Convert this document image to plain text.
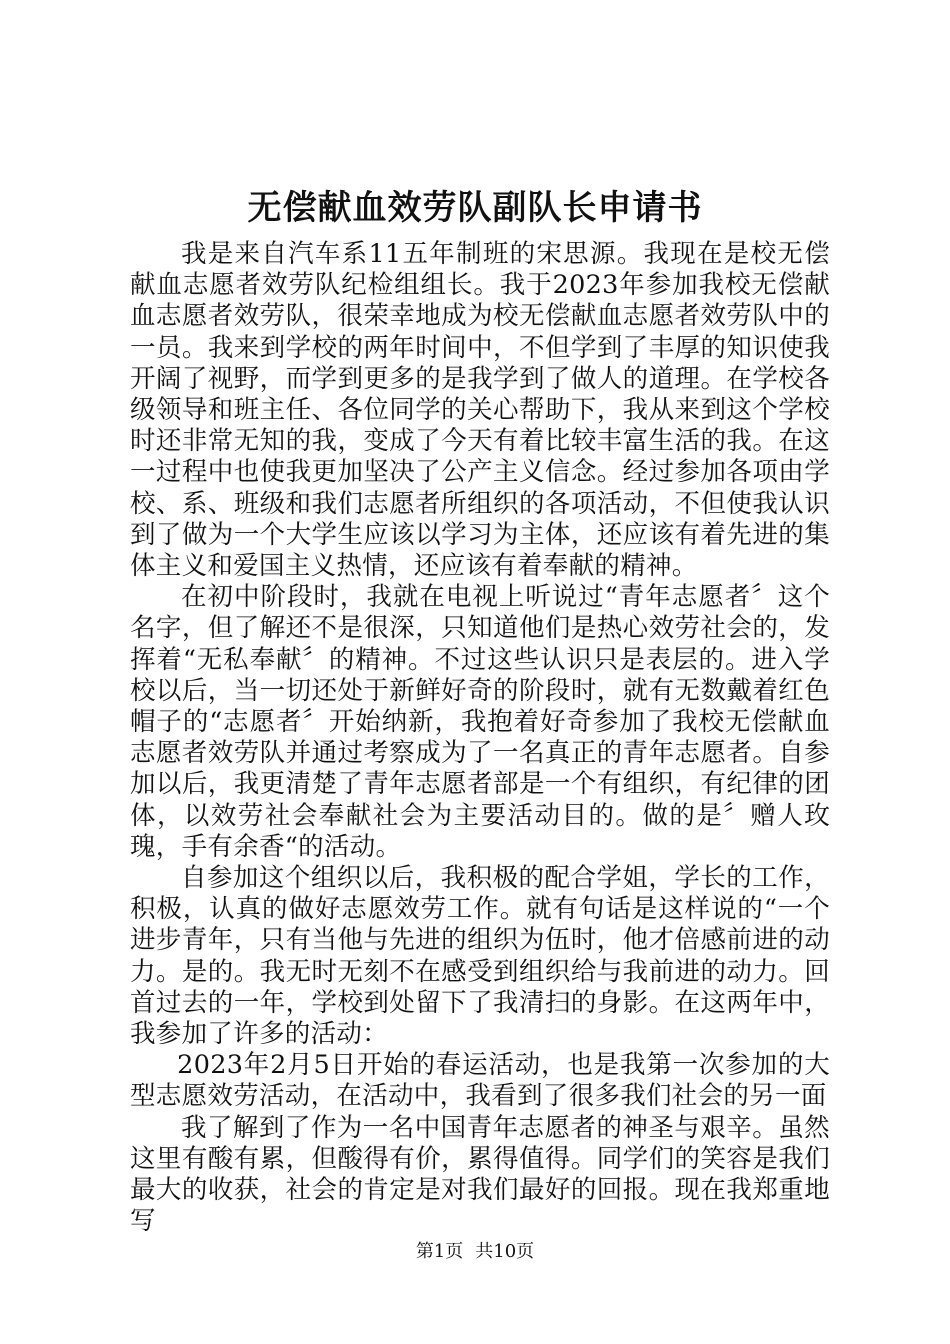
无偿献血效劳队副队长申请书

我是来自汽车系11五年制班的宋思源。我现在是校无偿献血志愿者效劳队纪检组组长。我于2023年参加我校无偿献血志愿者效劳队，很荣幸地成为校无偿献血志愿者效劳队中的一员。我来到学校的两年时间中，不但学到了丰厚的知识使我开阔了视野，而学到更多的是我学到了做人的道理。在学校各级领导和班主任、各位同学的关心帮助下，我从来到这个学校时还非常无知的我，变成了今天有着比较丰富生活的我。在这一过程中也使我更加坚决了公产主义信念。经过参加各项由学校、系、班级和我们志愿者所组织的各项活动，不但使我认识到了做为一个大学生应该以学习为主体，还应该有着先进的集体主义和爱国主义热情，还应该有着奉献的精神。

在初中阶段时，我就在电视上听说过“青年志愿者〞这个名字，但了解还不是很深，只知道他们是热心效劳社会的，发挥着“无私奉献〞的精神。不过这些认识只是表层的。进入学校以后，当一切还处于新鲜好奇的阶段时，就有无数戴着红色帽子的“志愿者〞开始纳新，我抱着好奇参加了我校无偿献血志愿者效劳队并通过考察成为了一名真正的青年志愿者。自参加以后，我更清楚了青年志愿者部是一个有组织，有纪律的团体，以效劳社会奉献社会为主要活动目的。做的是〞赠人玫瑰，手有余香“的活动。

自参加这个组织以后，我积极的配合学姐，学长的工作，积极，认真的做好志愿效劳工作。就有句话是这样说的“一个进步青年，只有当他与先进的组织为伍时，他才倍感前进的动力。是的。我无时无刻不在感受到组织给与我前进的动力。回首过去的一年，学校到处留下了我清扫的身影。在这两年中，我参加了许多的活动：

2023年2月5日开始的春运活动，也是我第一次参加的大型志愿效劳活动，在活动中，我看到了很多我们社会的另一面

我了解到了作为一名中国青年志愿者的神圣与艰辛。虽然这里有酸有累，但酸得有价，累得值得。同学们的笑容是我们最大的收获，社会的肯定是对我们最好的回报。现在我郑重地写

第1页 共10页
